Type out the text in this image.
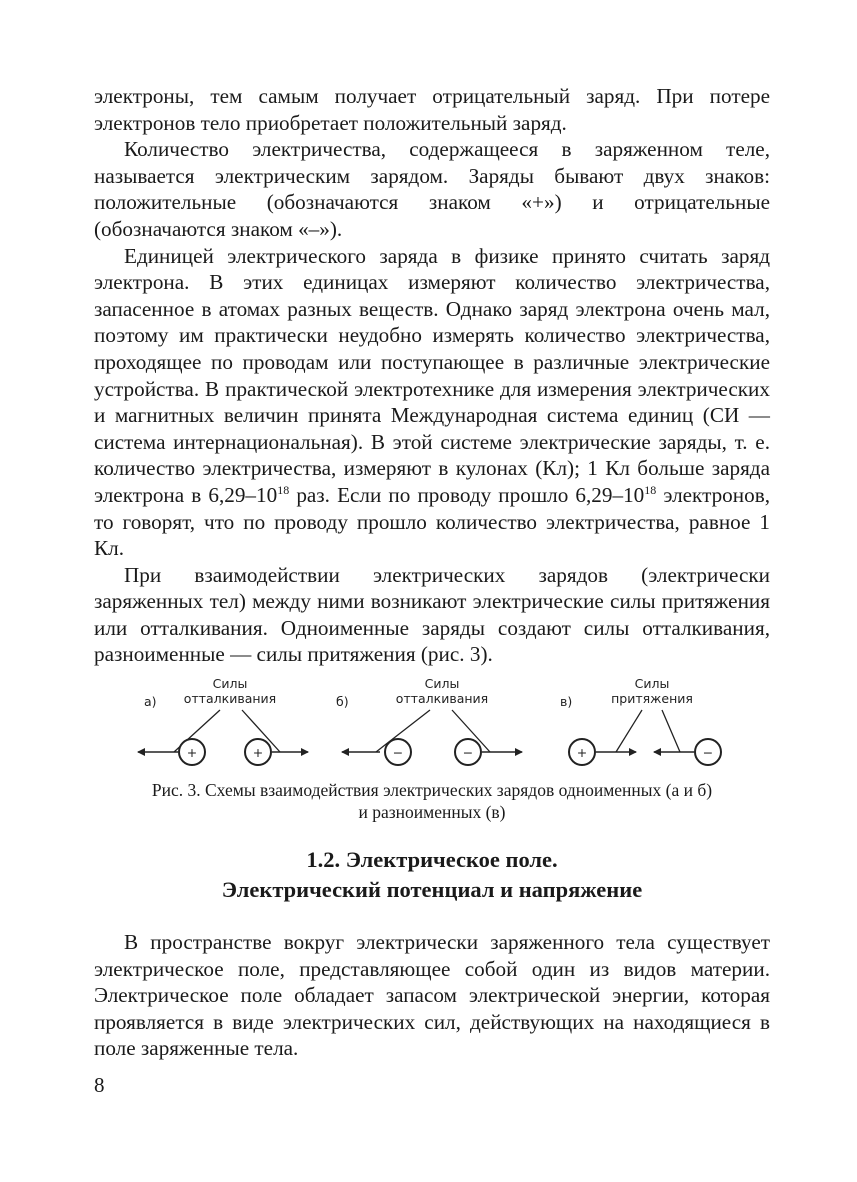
электроны, тем самым получает отрицательный заряд. При потере электронов тело приобретает положительный заряд.

Количество электричества, содержащееся в заряженном теле, называется электрическим зарядом. Заряды бывают двух знаков: положительные (обозначаются знаком «+») и отрицательные (обозначаются знаком «–»).

Единицей электрического заряда в физике принято считать заряд электрона. В этих единицах измеряют количество электричества, запасенное в атомах разных веществ. Однако заряд электрона очень мал, поэтому им практически неудобно измерять количество электричества, проходящее по проводам или поступающее в различные электрические устройства. В практической электротехнике для измерения электрических и магнитных величин принята Международная система единиц (СИ — система интернациональная). В этой системе электрические заряды, т. е. количество электричества, измеряют в кулонах (Кл); 1 Кл больше заряда электрона в $6,29-10^{18}$ раз. Если по проводу прошло $6,29-10^{18}$ электронов, то говорят, что по проводу прошло количество электричества, равное 1 Кл.

При взаимодействии электрических зарядов (электрически заряженных тел) между ними возникают электрические силы притяжения или отталкивания. Одноименные заряды создают силы отталкивания, разноименные — силы притяжения (рис. 3).

а)
Силы
отталкивания
+	+
б)
Силы
отталкивания
−	−
в)
Силы
притяжения
+	−
Рис. 3. Схемы взаимодействия электрических зарядов одноименных (а и б)
и разноименных (в)
1.2. Электрическое поле.
Электрический потенциал и напряжение

В пространстве вокруг электрически заряженного тела существует электрическое поле, представляющее собой один из видов материи. Электрическое поле обладает запасом электрической энергии, которая проявляется в виде электрических сил, действующих на находящиеся в поле заряженные тела.

8
